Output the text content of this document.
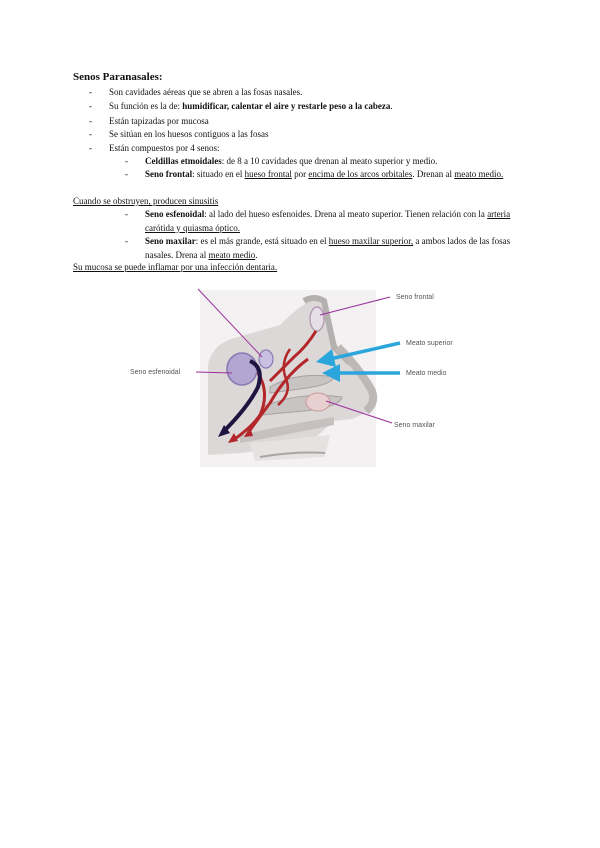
Senos Paranasales:
- Son cavidades aéreas que se abren a las fosas nasales.
- Su función es la de: humidificar, calentar el aire y restarle peso a la cabeza.
- Están tapizadas por mucosa
- Se sitúan en los huesos contiguos a las fosas
- Están compuestos por 4 senos:
- Celdillas etmoidales: de 8 a 10 cavidades que drenan al meato superior y medio.
- Seno frontal: situado en el hueso frontal por encima de los arcos orbitales. Drenan al meato medio.
Cuando se obstruyen, producen sinusitis
- Seno esfenoidal: al lado del hueso esfenoides. Drena al meato superior. Tienen relación con la arteria carótida y quiasma óptico.
- Seno maxilar: es el más grande, está situado en el hueso maxilar superior, a ambos lados de las fosas nasales. Drena al meato medio.
Su mucosa se puede inflamar por una infección dentaria.
Seno frontal
Meato superior
Seno esfenoidal	Meato medio
Seno maxilar
